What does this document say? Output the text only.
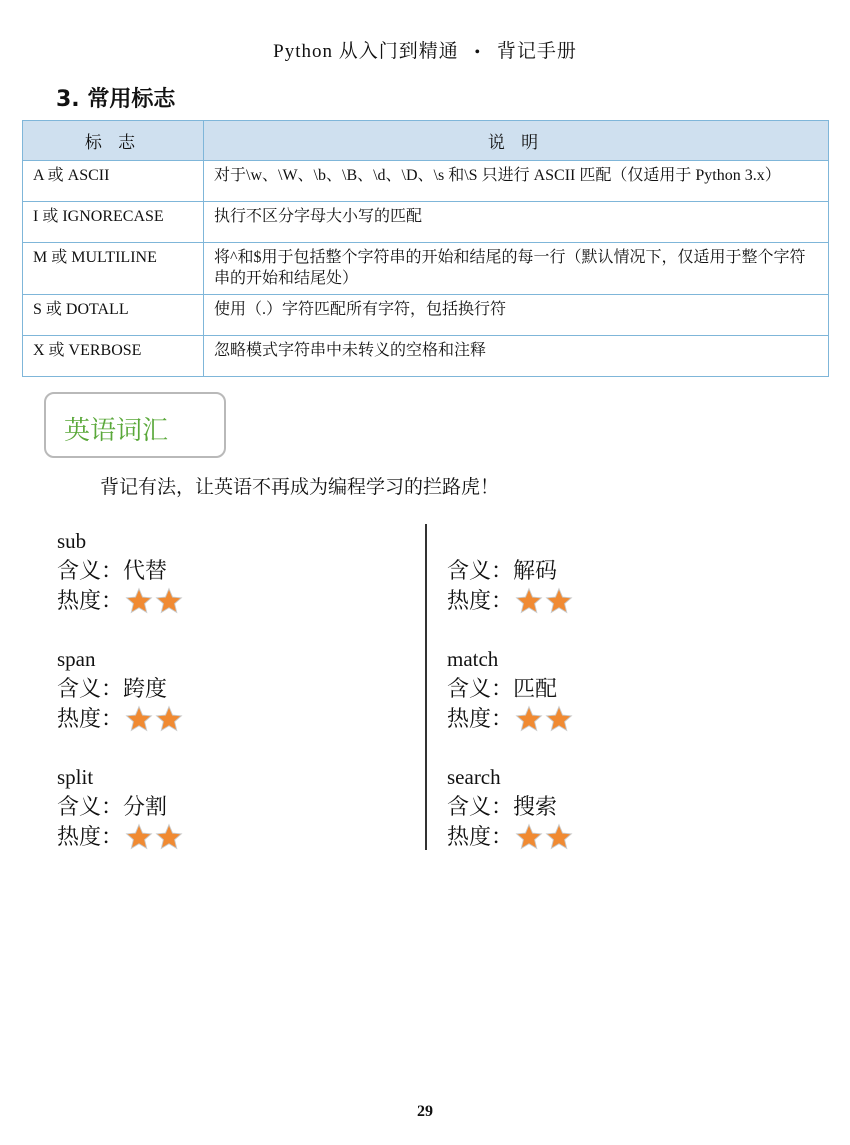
Python 从入门到精通 • 背记手册
3. 常用标志
标 志	说 明
A 或 ASCII	对于\w、\W、\b、\B、\d、\D、\s 和\S 只进行 ASCII 匹配（仅适用于 Python 3.x）
I 或 IGNORECASE	执行不区分字母大小写的匹配
M 或 MULTILINE	将^和$用于包括整个字符串的开始和结尾的每一行（默认情况下，仅适用于整个字符串的开始和结尾处）
S 或 DOTALL	使用（.）字符匹配所有字符，包括换行符
X 或 VERBOSE	忽略模式字符串中未转义的空格和注释
英语词汇
背记有法，让英语不再成为编程学习的拦路虎！
sub
含义： 代替
热度：
span
含义： 跨度
热度：
split
含义： 分割
热度：
含义： 解码
热度：
match
含义： 匹配
热度：
search
含义： 搜索
热度：
29
